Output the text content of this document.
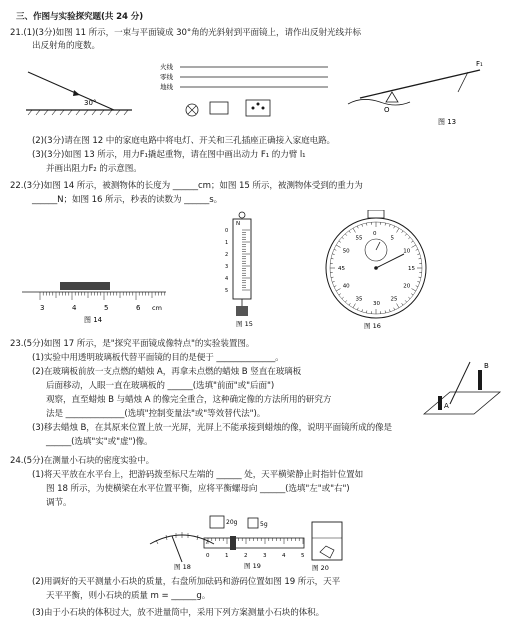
三、作图与实验探究题(共 24 分)
21.(1)(3分)如图 11 所示，一束与平面镜成 30°角的光斜射到平面镜上，请作出反射光线并标
出反射角的度数。
30°
火线
零线
地线
F₁
O
图 13
(2)(3分)请在图 12 中的家庭电路中将电灯、开关和三孔插座正确接入家庭电路。
(3)(3分)如图 13 所示，用力F₁撬起重物，请在图中画出动力 F₁ 的力臂 l₁
并画出阻力F₂ 的示意图。
22.(3分)如图 14 所示，被测物体的长度为 ______cm；如图 15 所示，被测物体受到的重力为
______N；如图 16 所示，秒表的读数为 ______s。
3	4	5	6 cm
图 14
N
0
1
2
3
4
5
图 15
0
5
10
15
20
25
30
35
40
45
50
55
图 16
23.(5分)如图 17 所示，是"探究平面镜成像特点"的实验装置图。
(1)实验中用透明玻璃板代替平面镜的目的是便于 ______________。
(2)在玻璃板前放一支点燃的蜡烛 A，再拿未点燃的蜡烛 B 竖直在玻璃板
后面移动，人眼一直在玻璃板的 ______(选填"前面"或"后面")
观察，直至蜡烛 B 与蜡烛 A 的像完全重合，这种确定像的方法所用的研究方
法是 ______________(选填"控制变量法"或"等效替代法")。
(3)移去蜡烛 B，在其原来位置上放一光屏，光屏上不能承接到蜡烛的像，说明平面镜所成的像是
______(选填"实"或"虚")像。
B
A
24.(5分)在测量小石块的密度实验中。
(1)将天平放在水平台上，把游码拨至标尺左端的 ______ 处，天平横梁静止时指针位置如
图 18 所示，为使横梁在水平位置平衡，应将平衡螺母向 ______(选填"左"或"右")
调节。
图 18
20g	5g
0	1	2	3	4	5
图 19	图 20
(2)用调好的天平测量小石块的质量，右盘所加砝码和游码位置如图 19 所示，天平
天平平衡，则小石块的质量 m = ______g。
(3)由于小石块的体积过大，放不进量筒中，采用下列方案测量小石块的体积。
